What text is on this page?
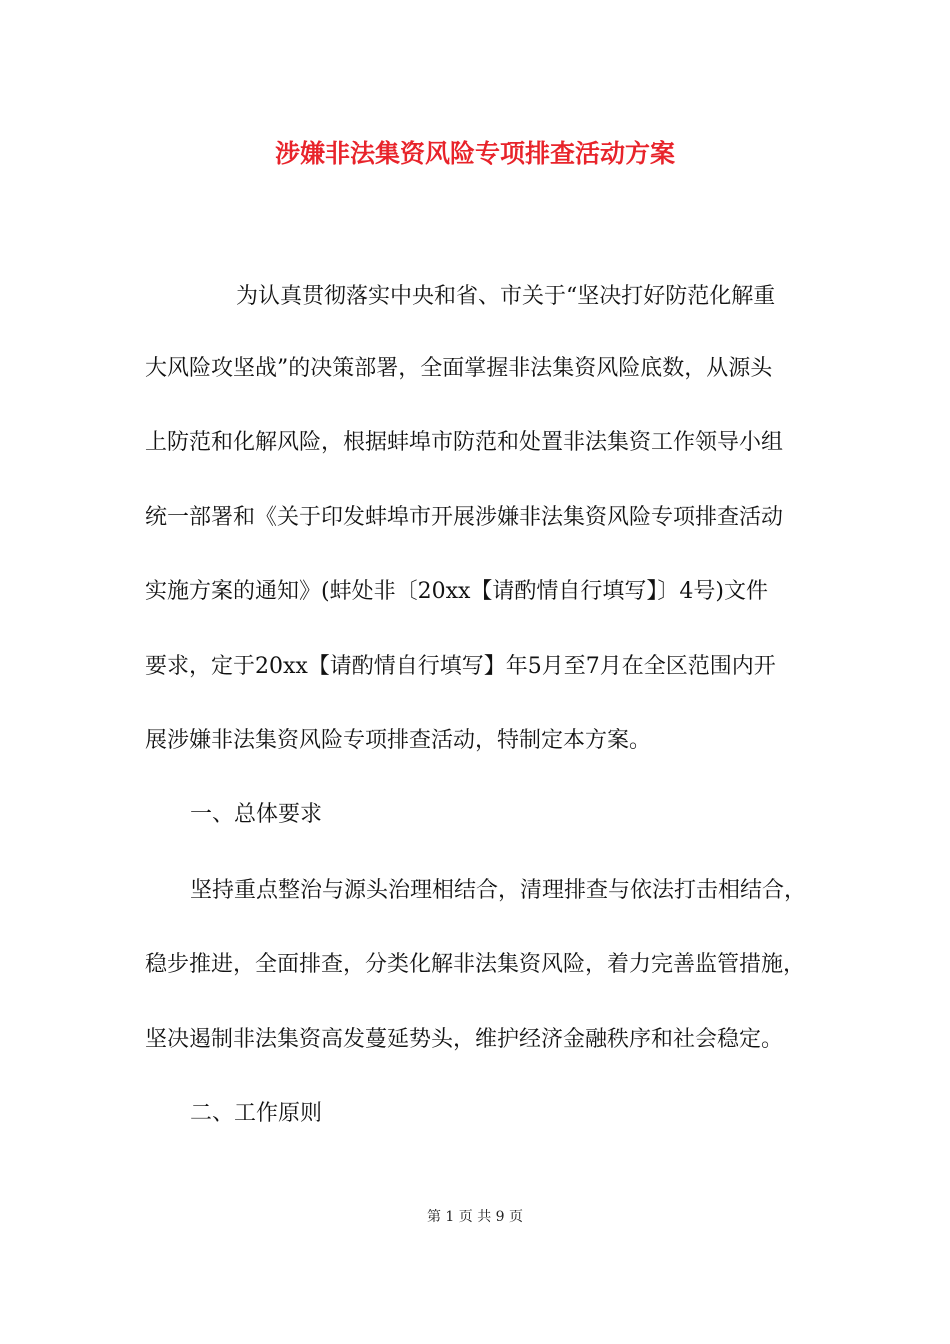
涉嫌非法集资风险专项排查活动方案

为认真贯彻落实中央和省、市关于“坚决打好防范化解重

大风险攻坚战”的决策部署，全面掌握非法集资风险底数，从源头

上防范和化解风险，根据蚌埠市防范和处置非法集资工作领导小组

统一部署和《关于印发蚌埠市开展涉嫌非法集资风险专项排查活动

实施方案的通知》(蚌处非〔20xx【请酌情自行填写】〕4号)文件

要求，定于20xx【请酌情自行填写】年5月至7月在全区范围内开

展涉嫌非法集资风险专项排查活动，特制定本方案。

一、总体要求

坚持重点整治与源头治理相结合，清理排查与依法打击相结合，

稳步推进，全面排查，分类化解非法集资风险，着力完善监管措施，

坚决遏制非法集资高发蔓延势头，维护经济金融秩序和社会稳定。

二、工作原则

第 1 页 共 9 页
